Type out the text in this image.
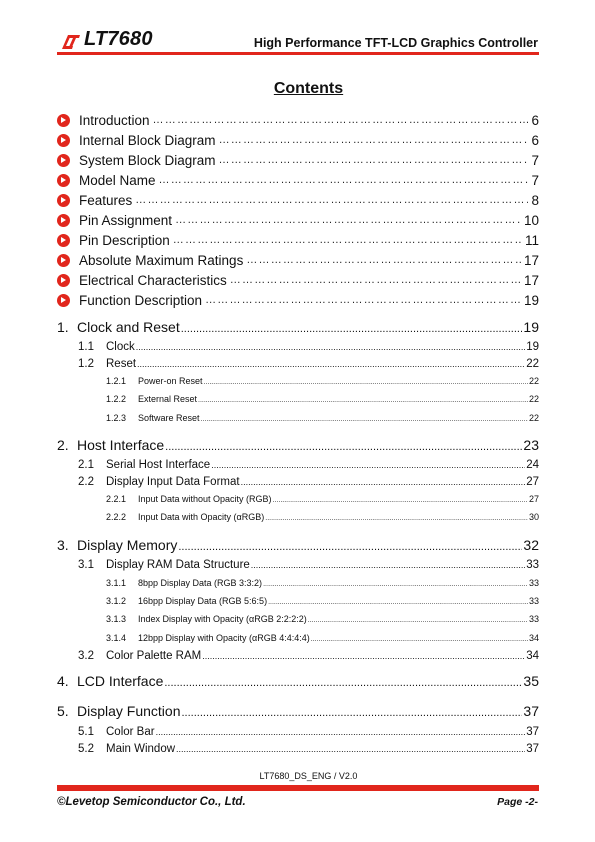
LT7680	High Performance TFT-LCD Graphics Controller
Contents
Introduction …………………………………………………………………………………………………………………………………………………………………………	6
Internal Block Diagram …………………………………………………………………………………………………………………………………………………………………………	6
System Block Diagram …………………………………………………………………………………………………………………………………………………………………………	7
Model Name …………………………………………………………………………………………………………………………………………………………………………	7
Features …………………………………………………………………………………………………………………………………………………………………………	8
Pin Assignment …………………………………………………………………………………………………………………………………………………………………………	10
Pin Description …………………………………………………………………………………………………………………………………………………………………………	11
Absolute Maximum Ratings …………………………………………………………………………………………………………………………………………………………………………	17
Electrical Characteristics …………………………………………………………………………………………………………………………………………………………………………	17
Function Description …………………………………………………………………………………………………………………………………………………………………………	19
1. Clock and Reset .....	19
1.1	Clock .....	19
1.2	Reset .....	22
1.2.1	Power-on Reset .....	22
1.2.2	External Reset .....	22
1.2.3	Software Reset .....	22
2. Host Interface .....	23
2.1	Serial Host Interface .....	24
2.2	Display Input Data Format .....	27
2.2.1	Input Data without Opacity (RGB) .....	27
2.2.2	Input Data with Opacity (αRGB) .....	30
3. Display Memory .....	32
3.1	Display RAM Data Structure .....	33
3.1.1	8bpp Display Data (RGB 3:3:2) .....	33
3.1.2	16bpp Display Data (RGB 5:6:5) .....	33
3.1.3	Index Display with Opacity (αRGB 2:2:2:2) .....	33
3.1.4	12bpp Display with Opacity (αRGB 4:4:4:4) .....	34
3.2	Color Palette RAM .....	34
4. LCD Interface .....	35
5. Display Function .....	37
5.1	Color Bar .....	37
5.2	Main Window .....	37
LT7680_DS_ENG / V2.0
©Levetop Semiconductor Co., Ltd.	Page -2-
